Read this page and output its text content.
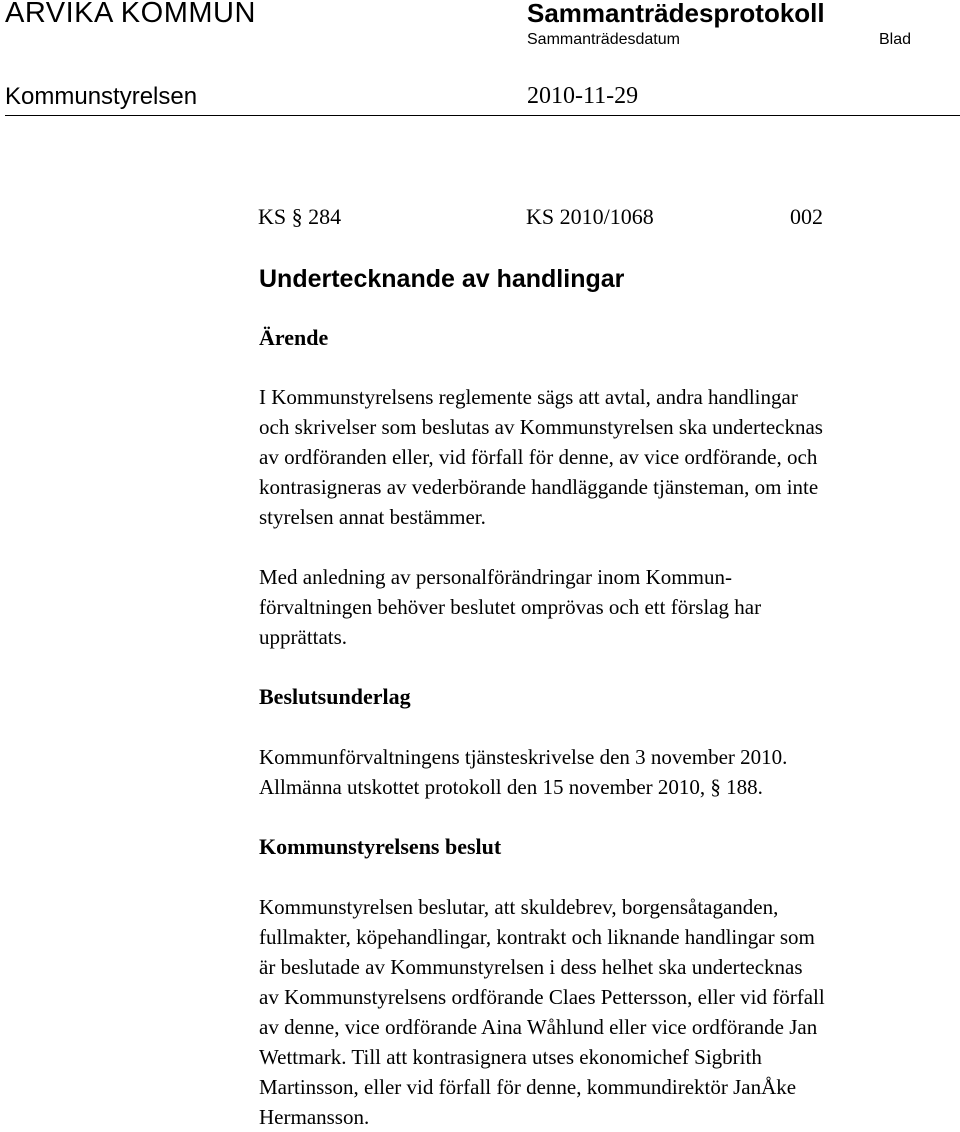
ARVIKA KOMMUN	Sammanträdesprotokoll
Sammanträdesdatum	Blad
Kommunstyrelsen	2010-11-29
KS § 284	KS 2010/1068	002
Undertecknande av handlingar
Ärende

I Kommunstyrelsens reglemente sägs att avtal, andra handlingar
och skrivelser som beslutas av Kommunstyrelsen ska undertecknas
av ordföranden eller, vid förfall för denne, av vice ordförande, och
kontrasigneras av vederbörande handläggande tjänsteman, om inte
styrelsen annat bestämmer.

Med anledning av personalförändringar inom Kommun-
förvaltningen behöver beslutet omprövas och ett förslag har
upprättats.

Beslutsunderlag

Kommunförvaltningens tjänsteskrivelse den 3 november 2010.
Allmänna utskottet protokoll den 15 november 2010, § 188.

Kommunstyrelsens beslut

Kommunstyrelsen beslutar, att skuldebrev, borgensåtaganden,
fullmakter, köpehandlingar, kontrakt och liknande handlingar som
är beslutade av Kommunstyrelsen i dess helhet ska undertecknas
av Kommunstyrelsens ordförande Claes Pettersson, eller vid förfall
av denne, vice ordförande Aina Wåhlund eller vice ordförande Jan
Wettmark. Till att kontrasignera utses ekonomichef Sigbrith
Martinsson, eller vid förfall för denne, kommundirektör JanÅke
Hermansson.
